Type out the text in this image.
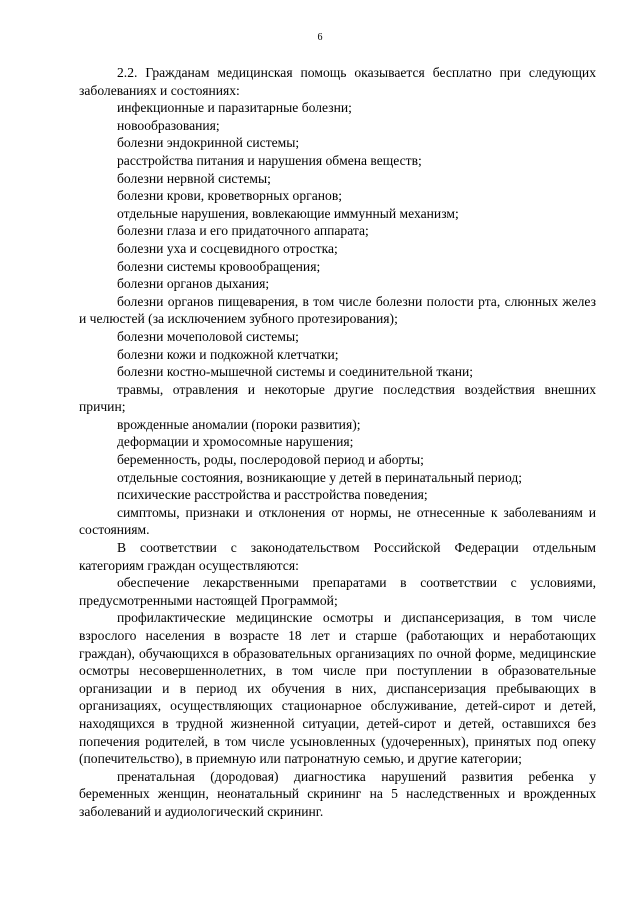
6

2.2. Гражданам медицинская помощь оказывается бесплатно при следующих заболеваниях и состояниях:

инфекционные и паразитарные болезни;

новообразования;

болезни эндокринной системы;

расстройства питания и нарушения обмена веществ;

болезни нервной системы;

болезни крови, кроветворных органов;

отдельные нарушения, вовлекающие иммунный механизм;

болезни глаза и его придаточного аппарата;

болезни уха и сосцевидного отростка;

болезни системы кровообращения;

болезни органов дыхания;

болезни органов пищеварения, в том числе болезни полости рта, слюнных желез и челюстей (за исключением зубного протезирования);

болезни мочеполовой системы;

болезни кожи и подкожной клетчатки;

болезни костно-мышечной системы и соединительной ткани;

травмы, отравления и некоторые другие последствия воздействия внешних причин;

врожденные аномалии (пороки развития);

деформации и хромосомные нарушения;

беременность, роды, послеродовой период и аборты;

отдельные состояния, возникающие у детей в перинатальный период;

психические расстройства и расстройства поведения;

симптомы, признаки и отклонения от нормы, не отнесенные к заболеваниям и состояниям.

В соответствии с законодательством Российской Федерации отдельным категориям граждан осуществляются:

обеспечение лекарственными препаратами в соответствии с условиями, предусмотренными настоящей Программой;

профилактические медицинские осмотры и диспансеризация, в том числе взрослого населения в возрасте 18 лет и старше (работающих и неработающих граждан), обучающихся в образовательных организациях по очной форме, медицинские осмотры несовершеннолетних, в том числе при поступлении в образовательные организации и в период их обучения в них, диспансеризация пребывающих в организациях, осуществляющих стационарное обслуживание, детей-сирот и детей, находящихся в трудной жизненной ситуации, детей-сирот и детей, оставшихся без попечения родителей, в том числе усыновленных (удочеренных), принятых под опеку (попечительство), в приемную или патронатную семью, и другие категории;

пренатальная (дородовая) диагностика нарушений развития ребенка у беременных женщин, неонатальный скрининг на 5 наследственных и врожденных заболеваний и аудиологический скрининг.
